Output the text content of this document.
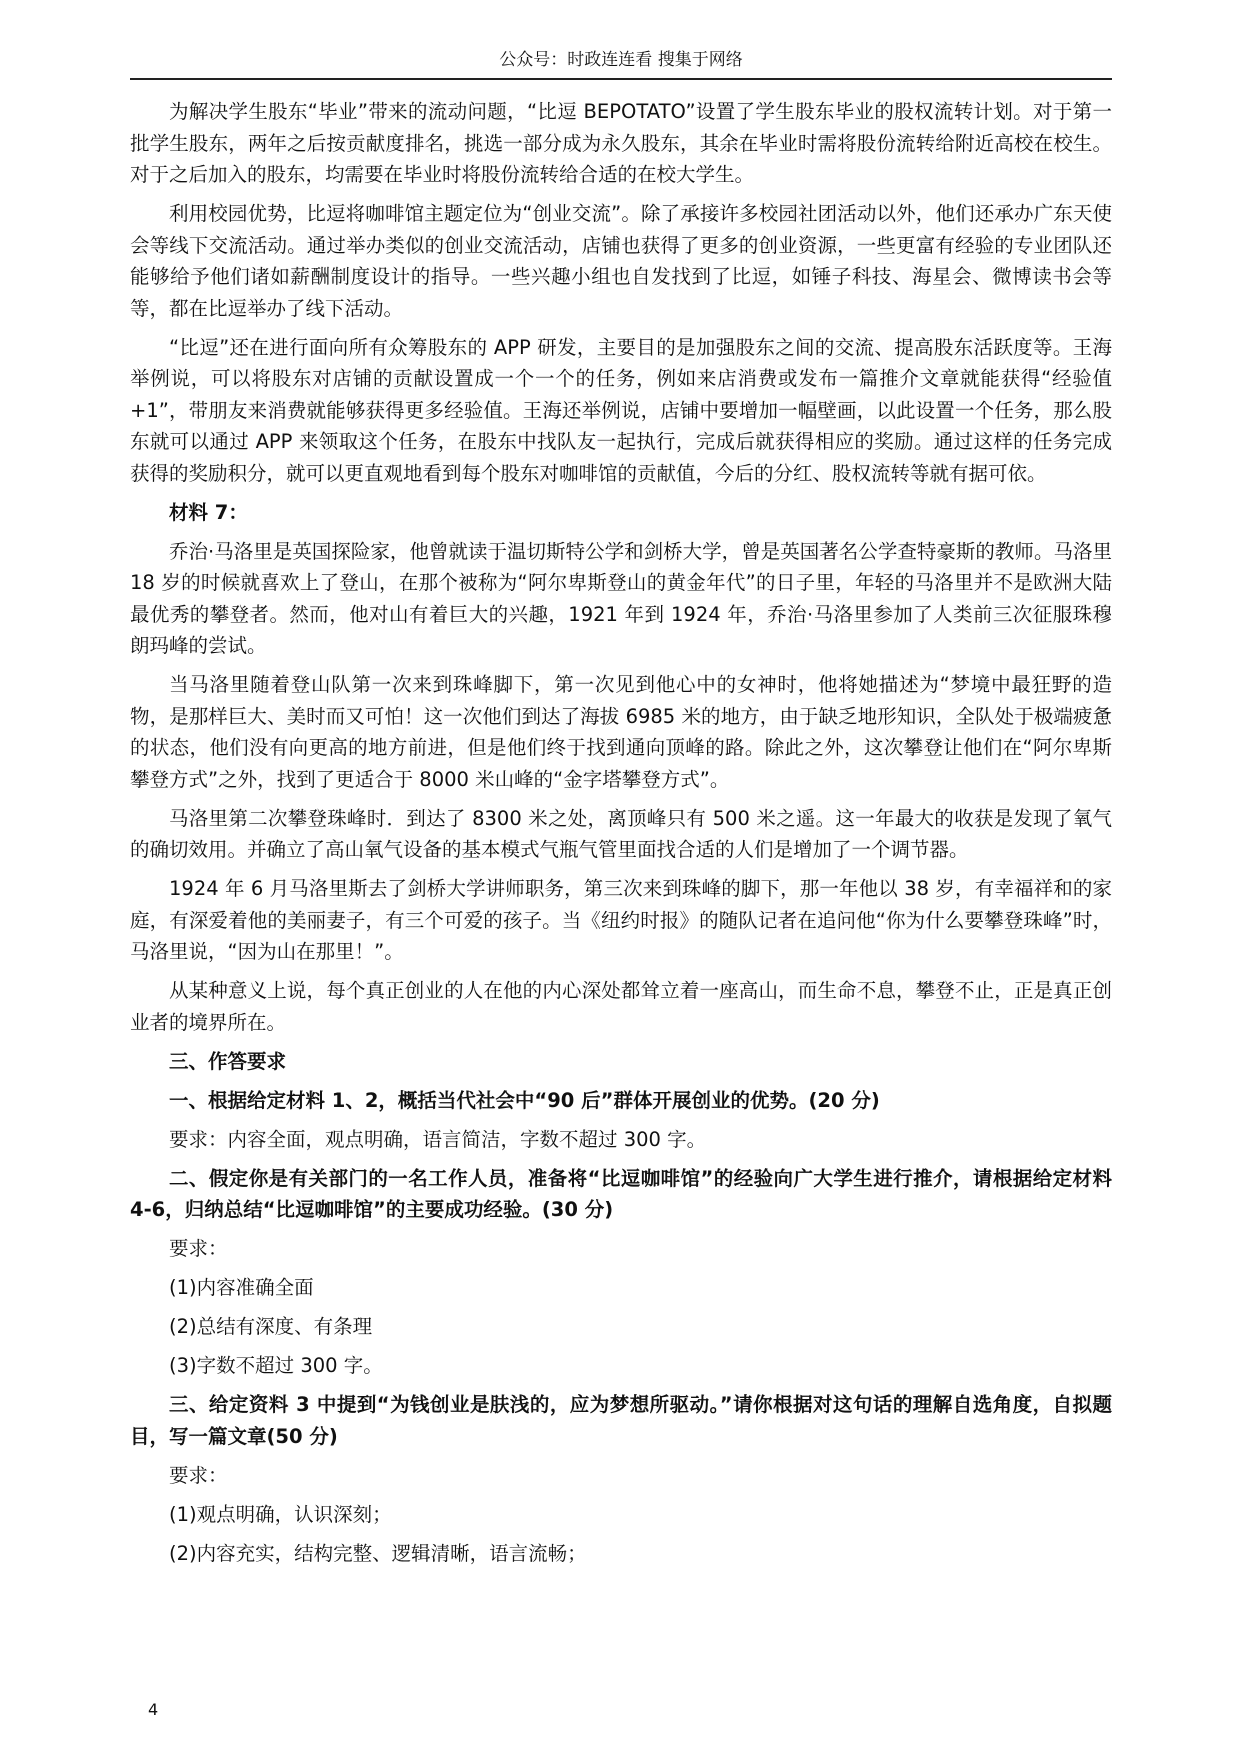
公众号：时政连连看 搜集于网络

为解决学生股东“毕业”带来的流动问题，“比逗 BEPOTATO”设置了学生股东毕业的股权流转计划。对于第一批学生股东，两年之后按贡献度排名，挑选一部分成为永久股东，其余在毕业时需将股份流转给附近高校在校生。对于之后加入的股东，均需要在毕业时将股份流转给合适的在校大学生。

利用校园优势，比逗将咖啡馆主题定位为“创业交流”。除了承接许多校园社团活动以外，他们还承办广东天使会等线下交流活动。通过举办类似的创业交流活动，店铺也获得了更多的创业资源，一些更富有经验的专业团队还能够给予他们诸如薪酬制度设计的指导。一些兴趣小组也自发找到了比逗，如锤子科技、海星会、微博读书会等等，都在比逗举办了线下活动。

“比逗”还在进行面向所有众筹股东的 APP 研发，主要目的是加强股东之间的交流、提高股东活跃度等。王海举例说，可以将股东对店铺的贡献设置成一个一个的任务，例如来店消费或发布一篇推介文章就能获得“经验值+1”，带朋友来消费就能够获得更多经验值。王海还举例说，店铺中要增加一幅壁画，以此设置一个任务，那么股东就可以通过 APP 来领取这个任务，在股东中找队友一起执行，完成后就获得相应的奖励。通过这样的任务完成获得的奖励积分，就可以更直观地看到每个股东对咖啡馆的贡献值，今后的分红、股权流转等就有据可依。

材料 7：

乔治·马洛里是英国探险家，他曾就读于温切斯特公学和剑桥大学，曾是英国著名公学查特豪斯的教师。马洛里 18 岁的时候就喜欢上了登山，在那个被称为“阿尔卑斯登山的黄金年代”的日子里，年轻的马洛里并不是欧洲大陆最优秀的攀登者。然而，他对山有着巨大的兴趣，1921 年到 1924 年，乔治·马洛里参加了人类前三次征服珠穆朗玛峰的尝试。

当马洛里随着登山队第一次来到珠峰脚下，第一次见到他心中的女神时，他将她描述为“梦境中最狂野的造物，是那样巨大、美时而又可怕！这一次他们到达了海拔 6985 米的地方，由于缺乏地形知识，全队处于极端疲惫的状态，他们没有向更高的地方前进，但是他们终于找到通向顶峰的路。除此之外，这次攀登让他们在“阿尔卑斯攀登方式”之外，找到了更适合于 8000 米山峰的“金字塔攀登方式”。

马洛里第二次攀登珠峰时．到达了 8300 米之处，离顶峰只有 500 米之遥。这一年最大的收获是发现了氧气的确切效用。并确立了高山氧气设备的基本模式气瓶气管里面找合适的人们是增加了一个调节器。

1924 年 6 月马洛里斯去了剑桥大学讲师职务，第三次来到珠峰的脚下，那一年他以 38 岁，有幸福祥和的家庭，有深爱着他的美丽妻子，有三个可爱的孩子。当《纽约时报》的随队记者在追问他“你为什么要攀登珠峰”时，马洛里说，“因为山在那里！”。

从某种意义上说，每个真正创业的人在他的内心深处都耸立着一座高山，而生命不息，攀登不止，正是真正创业者的境界所在。

三、作答要求

一、根据给定材料 1、2，概括当代社会中“90 后”群体开展创业的优势。(20 分)

要求：内容全面，观点明确，语言简洁，字数不超过 300 字。

二、假定你是有关部门的一名工作人员，准备将“比逗咖啡馆”的经验向广大学生进行推介，请根据给定材料 4-6，归纳总结“比逗咖啡馆”的主要成功经验。(30 分)

要求：

(1)内容准确全面

(2)总结有深度、有条理

(3)字数不超过 300 字。

三、给定资料 3 中提到“为钱创业是肤浅的，应为梦想所驱动。”请你根据对这句话的理解自选角度，自拟题目，写一篇文章(50 分)

要求：

(1)观点明确，认识深刻；

(2)内容充实，结构完整、逻辑清晰，语言流畅；

4
